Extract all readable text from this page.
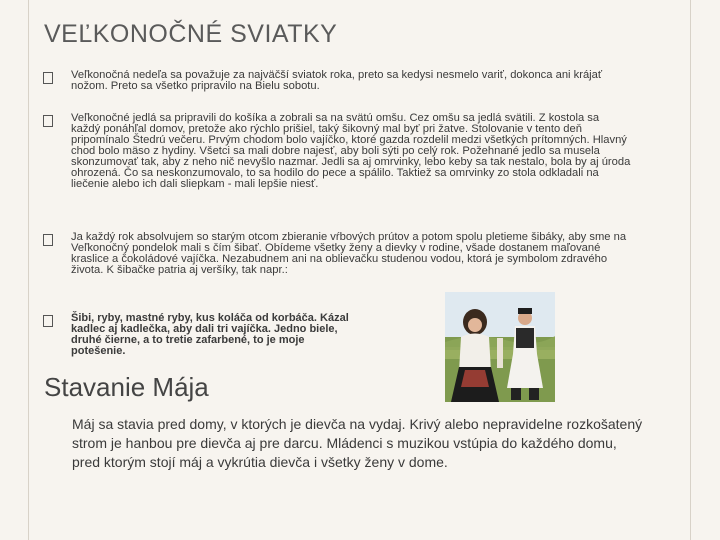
VEĽKONOČNÉ SVIATKY

Veľkonočná nedeľa sa považuje za najväčší sviatok roka, preto sa kedysi nesmelo variť, dokonca ani krájať nožom. Preto sa všetko pripravilo na Bielu sobotu.

Veľkonočné jedlá sa pripravili do košíka a zobrali sa na svätú omšu. Cez omšu sa jedlá svätili. Z kostola sa každý ponáhľal domov, pretože ako rýchlo prišiel, taký šikovný mal byť pri žatve. Stolovanie v tento deň pripomínalo Štedrú večeru. Prvým chodom bolo vajíčko, ktoré gazda rozdelil medzi všetkých prítomných. Hlavný chod bolo mäso z hydiny. Všetci sa mali dobre najesť, aby boli sýti po celý rok. Požehnané jedlo sa musela skonzumovať tak, aby z neho nič nevyšlo nazmar. Jedli sa aj omrvinky, lebo keby sa tak nestalo, bola by aj úroda ohrozená. Čo sa neskonzumovalo, to sa hodilo do pece a spálilo. Taktiež sa omrvinky zo stola odkladali na liečenie alebo ich dali sliepkam - mali lepšie niesť.

Ja každý rok absolvujem so starým otcom zbieranie vŕbových prútov a potom spolu pletieme šibáky, aby sme na Veľkonočný pondelok mali s čím šibať. Obídeme všetky ženy a dievky v rodine, všade dostanem maľované kraslice a čokoládové vajíčka. Nezabudnem ani na oblievačku studenou vodou, ktorá je symbolom zdravého života. K šibačke patria aj veršíky, tak napr.:

Šibi, ryby, mastné ryby, kus koláča od korbáča. Kázal kadlec aj kadlečka, aby dali tri vajíčka. Jedno biele, druhé čierne, a to tretie zafarbené, to je moje potešenie.

Stavanie Mája

Máj sa stavia pred domy, v ktorých je dievča na vydaj. Krivý alebo nepravidelne rozkošatený strom je hanbou pre dievča aj pre darcu. Mládenci s muzikou vstúpia do každého domu, pred ktorým stojí máj a vykrútia dievča i všetky ženy v dome.
